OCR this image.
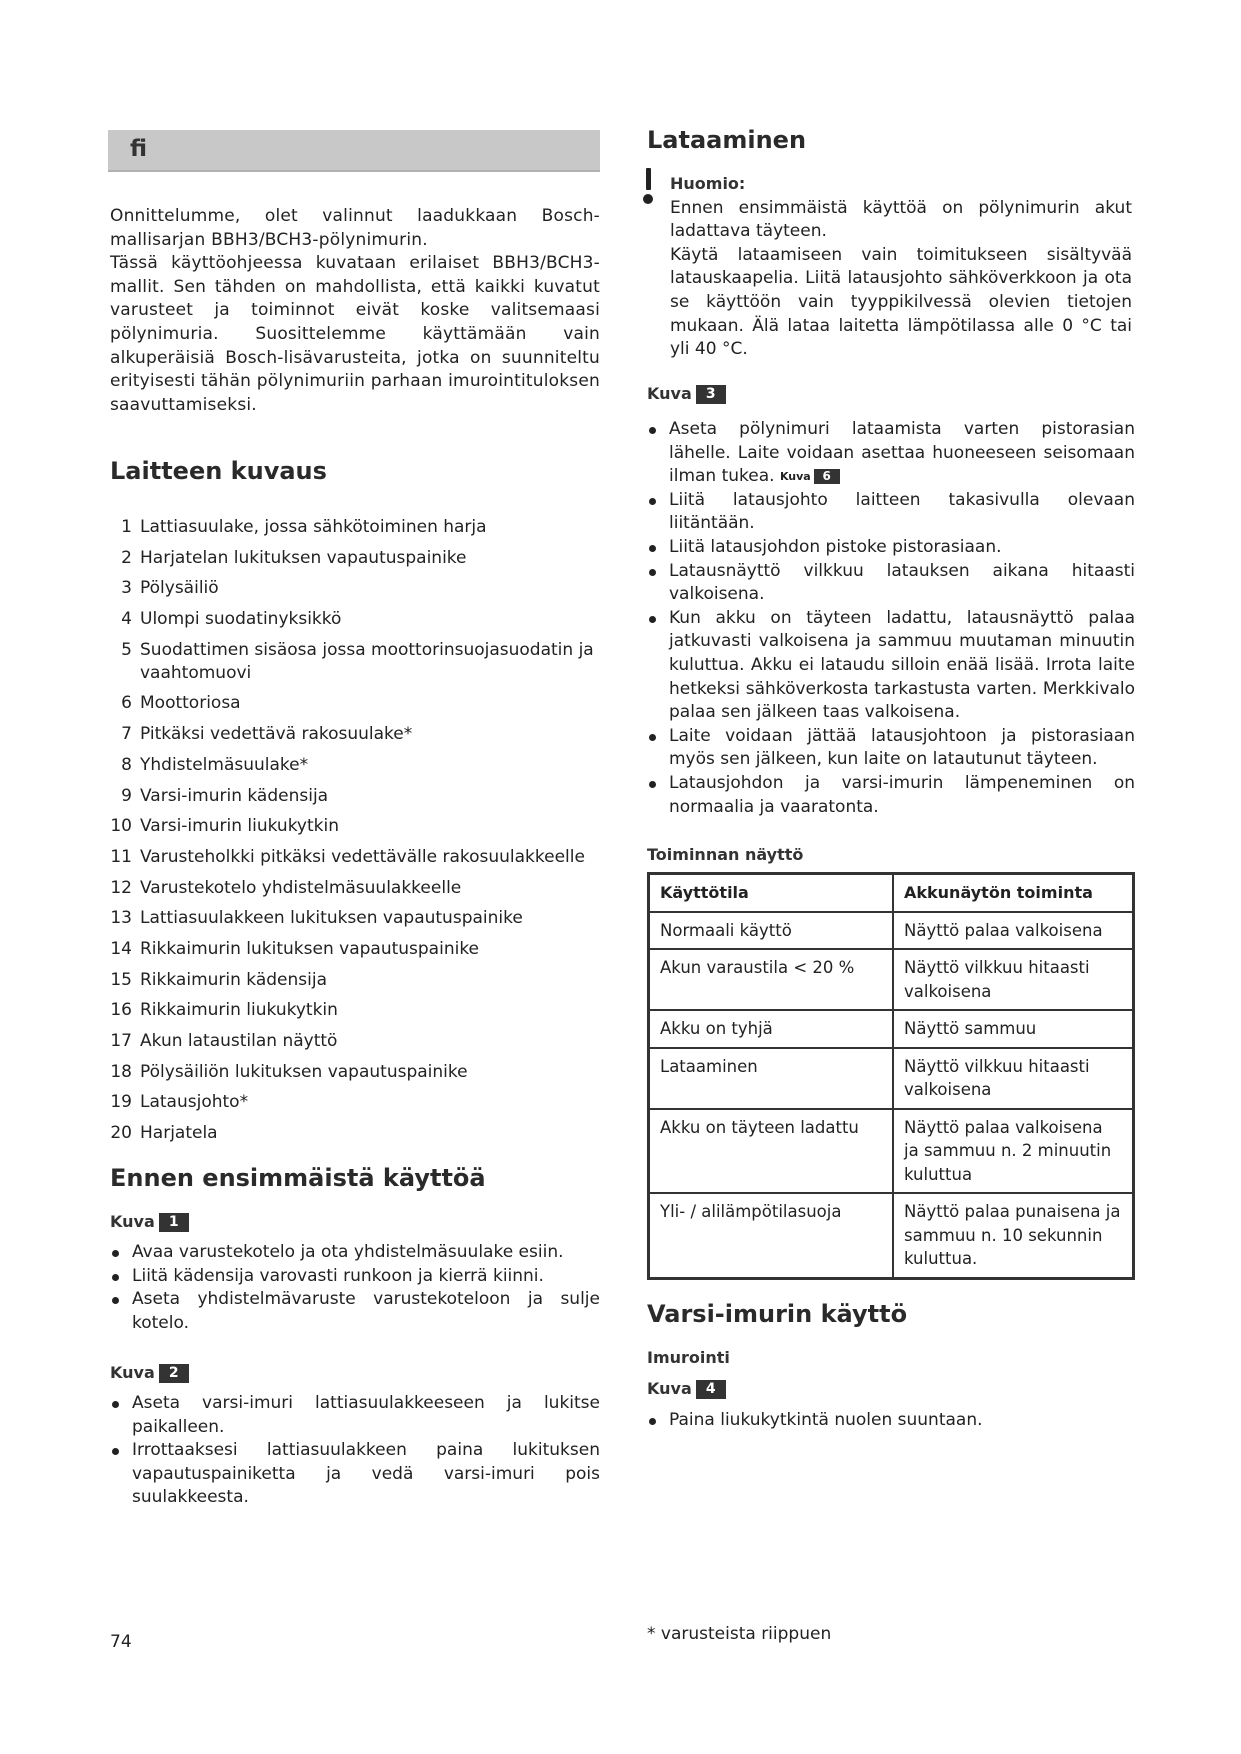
fi

Onnittelumme, olet valinnut laadukkaan Bosch-mallisarjan BBH3/BCH3-pölynimurin.

Tässä käyttöohjeessa kuvataan erilaiset BBH3/BCH3-mallit. Sen tähden on mahdollista, että kaikki kuvatut varusteet ja toiminnot eivät koske valitsemaasi pölynimuria. Suosittelemme käyttämään vain alkuperäisiä Bosch-lisävarusteita, jotka on suunniteltu erityisesti tähän pölynimuriin parhaan imurointituloksen saavuttamiseksi.

Laitteen kuvaus
1 Lattiasuulake, jossa sähkötoiminen harja
2 Harjatelan lukituksen vapautuspainike
3 Pölysäiliö
4 Ulompi suodatinyksikkö
5 Suodattimen sisäosa jossa moottorinsuojasuodatin ja vaahtomuovi
6 Moottoriosa
7 Pitkäksi vedettävä rakosuulake*
8 Yhdistelmäsuulake*
9 Varsi-imurin kädensija
10 Varsi-imurin liukukytkin
11 Varusteholkki pitkäksi vedettävälle rakosuulakkeelle
12 Varustekotelo yhdistelmäsuulakkeelle
13 Lattiasuulakkeen lukituksen vapautuspainike
14 Rikkaimurin lukituksen vapautuspainike
15 Rikkaimurin kädensija
16 Rikkaimurin liukukytkin
17 Akun lataustilan näyttö
18 Pölysäiliön lukituksen vapautuspainike
19 Latausjohto*
20 Harjatela
Ennen ensimmäistä käyttöä
Kuva 1
Avaa varustekotelo ja ota yhdistelmäsuulake esiin.
Liitä kädensija varovasti runkoon ja kierrä kiinni.
Aseta yhdistelmävaruste varustekoteloon ja sulje kotelo.
Kuva 2
Aseta varsi-imuri lattiasuulakkeeseen ja lukitse paikalleen.
Irrottaaksesi lattiasuulakkeen paina lukituksen vapautuspainiketta ja vedä varsi-imuri pois suulakkeesta.
Lataaminen

Huomio:

Ennen ensimmäistä käyttöä on pölynimurin akut ladattava täyteen.

Käytä lataamiseen vain toimitukseen sisältyvää latauskaapelia. Liitä latausjohto sähköverkkoon ja ota se käyttöön vain tyyppikilvessä olevien tietojen mukaan. Älä lataa laitetta lämpötilassa alle 0 °C tai yli 40 °C.

Kuva 3
Aseta pölynimuri lataamista varten pistorasian lähelle. Laite voidaan asettaa huoneeseen seisomaan ilman tukea. Kuva 6
Liitä latausjohto laitteen takasivulla olevaan liitäntään.
Liitä latausjohdon pistoke pistorasiaan.
Latausnäyttö vilkkuu latauksen aikana hitaasti valkoisena.
Kun akku on täyteen ladattu, latausnäyttö palaa jatkuvasti valkoisena ja sammuu muutaman minuutin kuluttua. Akku ei lataudu silloin enää lisää. Irrota laite hetkeksi sähköverkosta tarkastusta varten. Merkkivalo palaa sen jälkeen taas valkoisena.
Laite voidaan jättää latausjohtoon ja pistorasiaan myös sen jälkeen, kun laite on latautunut täyteen.
Latausjohdon ja varsi-imurin lämpeneminen on normaalia ja vaaratonta.
Toiminnan näyttö
Käyttötila	Akkunäytön toiminta
Normaali käyttö	Näyttö palaa valkoisena
Akun varaustila < 20 %	Näyttö vilkkuu hitaasti valkoisena
Akku on tyhjä	Näyttö sammuu
Lataaminen	Näyttö vilkkuu hitaasti valkoisena
Akku on täyteen ladattu	Näyttö palaa valkoisena ja sammuu n. 2 minuutin kuluttua
Yli- / alilämpötilasuoja	Näyttö palaa punaisena ja sammuu n. 10 sekunnin kuluttua.
Varsi-imurin käyttö
Imurointi
Kuva 4
Paina liukukytkintä nuolen suuntaan.
* varusteista riippuen
74
